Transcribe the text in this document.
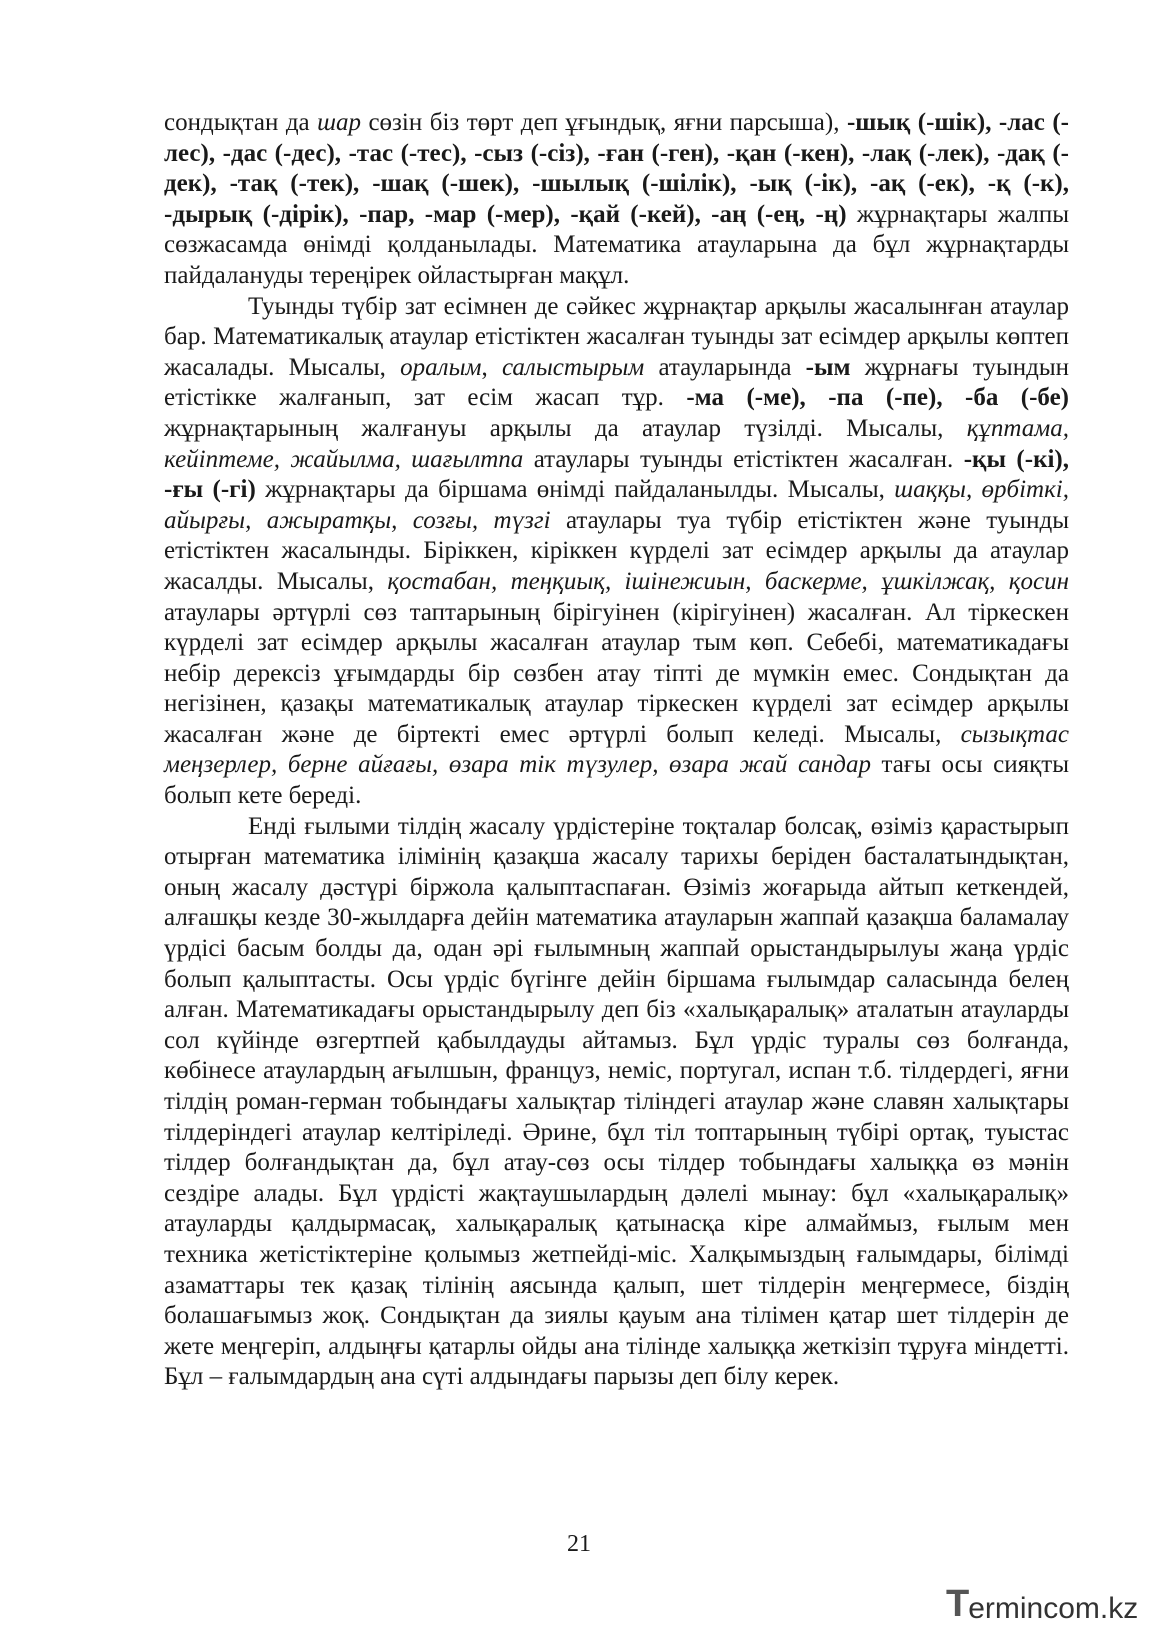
сондықтан да шар сөзін біз төрт деп ұғындық, яғни парсыша), -шық (-шік), -лас (-лес), -дас (-дес), -тас (-тес), -сыз (-сіз), -ған (-ген), -қан (-кен), -лақ (-лек), -дақ (-дек), -тақ (-тек), -шақ (-шек), -шылық (-шілік), -ық (-ік), -ақ (-ек), -қ (-к), -дырық (-дірік), -пар, -мар (-мер), -қай (-кей), -аң (-ең, -ң) жұрнақтары жалпы сөзжасамда өнімді қолданылады. Математика атауларына да бұл жұрнақтарды пайдалануды тереңірек ойластырған мақұл.

Туынды түбір зат есімнен де сәйкес жұрнақтар арқылы жасалынған атаулар бар. Математикалық атаулар етістіктен жасалған туынды зат есімдер арқылы көптеп жасалады. Мысалы, оралым, салыстырым атауларында -ым жұрнағы туындын етістікке жалғанып, зат есім жасап тұр. -ма (-ме), -па (-пе), -ба (-бе) жұрнақтарының жалғануы арқылы да атаулар түзілді. Мысалы, құптама, кейіптеме, жайылма, шағылтпа атаулары туынды етістіктен жасалған. -қы (-кі), -ғы (-гі) жұрнақтары да біршама өнімді пайдаланылды. Мысалы, шаққы, өрбіткі, айырғы, ажыратқы, созғы, түзгі атаулары туа түбір етістіктен және туынды етістіктен жасалынды. Біріккен, кіріккен күрделі зат есімдер арқылы да атаулар жасалды. Мысалы, қостабан, теңқиық, ішінежиын, баскерме, ұшкілжақ, қосин атаулары әртүрлі сөз таптарының бірігуінен (кірігуінен) жасалған. Ал тіркескен күрделі зат есімдер арқылы жасалған атаулар тым көп. Себебі, математикадағы небір дерексіз ұғымдарды бір сөзбен атау тіпті де мүмкін емес. Сондықтан да негізінен, қазақы математикалық атаулар тіркескен күрделі зат есімдер арқылы жасалған және де біртекті емес әртүрлі болып келеді. Мысалы, сызықтас меңзерлер, берне айғағы, өзара тік түзулер, өзара жай сандар тағы осы сияқты болып кете береді.

Енді ғылыми тілдің жасалу үрдістеріне тоқталар болсақ, өзіміз қарастырып отырған математика ілімінің қазақша жасалу тарихы беріден басталатындықтан, оның жасалу дәстүрі біржола қалыптаспаған. Өзіміз жоғарыда айтып кеткендей, алғашқы кезде 30-жылдарға дейін математика атауларын жаппай қазақша баламалау үрдісі басым болды да, одан әрі ғылымның жаппай орыстандырылуы жаңа үрдіс болып қалыптасты. Осы үрдіс бүгінге дейін біршама ғылымдар саласында белең алған. Математикадағы орыстандырылу деп біз «халықаралық» аталатын атауларды сол күйінде өзгертпей қабылдауды айтамыз. Бұл үрдіс туралы сөз болғанда, көбінесе атаулардың ағылшын, француз, неміс, португал, испан т.б. тілдердегі, яғни тілдің роман-герман тобындағы халықтар тіліндегі атаулар және славян халықтары тілдеріндегі атаулар келтіріледі. Әрине, бұл тіл топтарының түбірі ортақ, туыстас тілдер болғандықтан да, бұл атау-сөз осы тілдер тобындағы халыққа өз мәнін сездіре алады. Бұл үрдісті жақтаушылардың дәлелі мынау: бұл «халықаралық» атауларды қалдырмасақ, халықаралық қатынасқа кіре алмаймыз, ғылым мен техника жетістіктеріне қолымыз жетпейді-міс. Халқымыздың ғалымдары, білімді азаматтары тек қазақ тілінің аясында қалып, шет тілдерін меңгермесе, біздің болашағымыз жоқ. Сондықтан да зиялы қауым ана тілімен қатар шет тілдерін де жете меңгеріп, алдыңғы қатарлы ойды ана тілінде халыққа жеткізіп тұруға міндетті. Бұл – ғалымдардың ана сүті алдындағы парызы деп білу керек.

21
T ermincom.kz
